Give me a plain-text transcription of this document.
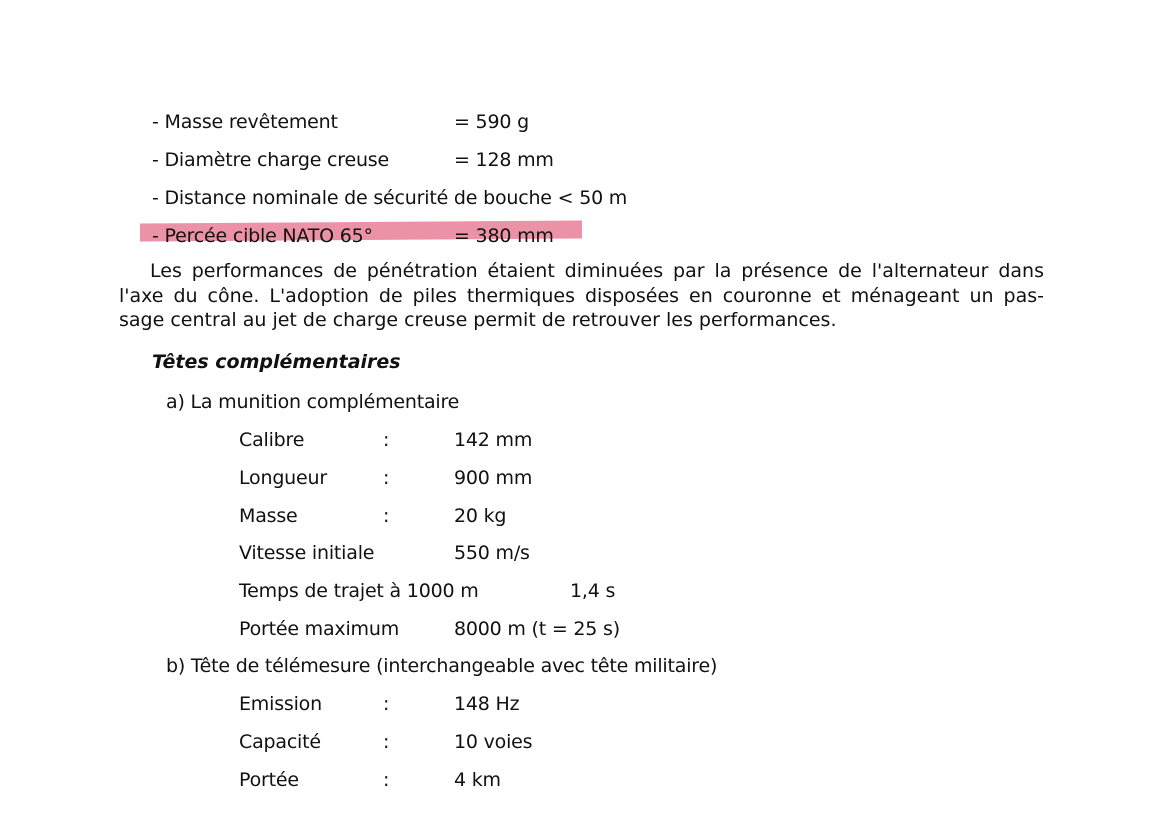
- Masse revêtement	= 590 g
- Diamètre charge creuse	= 128 mm
- Distance nominale de sécurité de bouche < 50 m
- Percée cible NATO 65°	= 380 mm
Les performances de pénétration étaient diminuées par la présence de l'alternateur dans
l'axe du cône. L'adoption de piles thermiques disposées en couronne et ménageant un pas-
sage central au jet de charge creuse permit de retrouver les performances.
Têtes complémentaires
a) La munition complémentaire
Calibre	:	142 mm
Longueur	:	900 mm
Masse	:	20 kg
Vitesse initiale	550 m/s
Temps de trajet à 1000 m	1,4 s
Portée maximum	8000 m (t = 25 s)
b) Tête de télémesure (interchangeable avec tête militaire)
Emission	:	148 Hz
Capacité	:	10 voies
Portée	:	4 km
